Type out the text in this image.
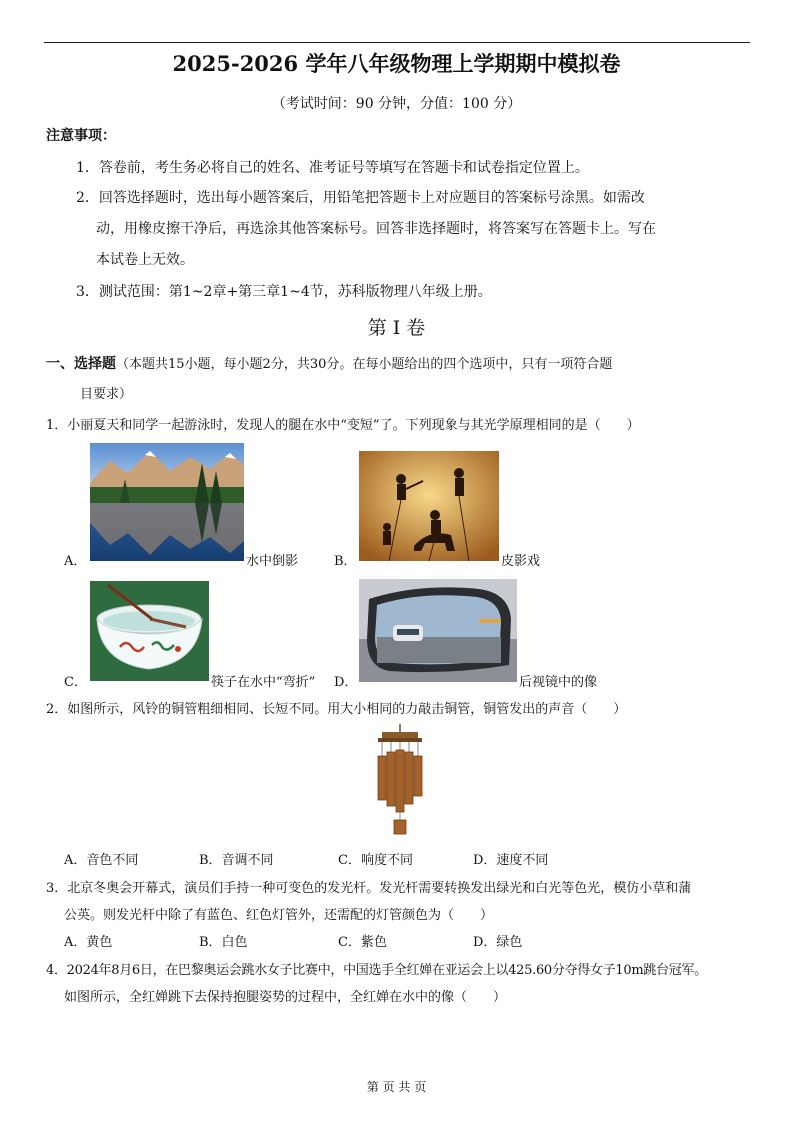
2025-2026 学年八年级物理上学期期中模拟卷
（考试时间：90 分钟，分值：100 分）
注意事项：
1．答卷前，考生务必将自己的姓名、准考证号等填写在答题卡和试卷指定位置上。
2．回答选择题时，选出每小题答案后，用铅笔把答题卡上对应题目的答案标号涂黑。如需改
动，用橡皮擦干净后，再选涂其他答案标号。回答非选择题时，将答案写在答题卡上。写在
本试卷上无效。
3．测试范围：第1~2章+第三章1~4节，苏科版物理八年级上册。
第 I 卷
一、选择题（本题共15小题，每小题2分，共30分。在每小题给出的四个选项中，只有一项符合题
目要求）
1．小丽夏天和同学一起游泳时，发现人的腿在水中“变短”了。下列现象与其光学原理相同的是（　　）
A．	水中倒影	B．	皮影戏
C．	筷子在水中“弯折” D．	后视镜中的像
2．如图所示，风铃的铜管粗细相同、长短不同。用大小相同的力敲击铜管，铜管发出的声音（　　）
A．音色不同	B．音调不同	C．响度不同	D．速度不同
3．北京冬奥会开幕式，演员们手持一种可变色的发光杆。发光杆需要转换发出绿光和白光等色光，模仿小草和蒲
公英。则发光杆中除了有蓝色、红色灯管外，还需配的灯管颜色为（　　）
A．黄色	B．白色	C．紫色	D．绿色
4．2024年8月6日，在巴黎奥运会跳水女子比赛中，中国选手全红婵在亚运会上以425.60分夺得女子10m跳台冠军。
如图所示，全红婵跳下去保持抱腿姿势的过程中，全红婵在水中的像（　　）
第 页 共 页
